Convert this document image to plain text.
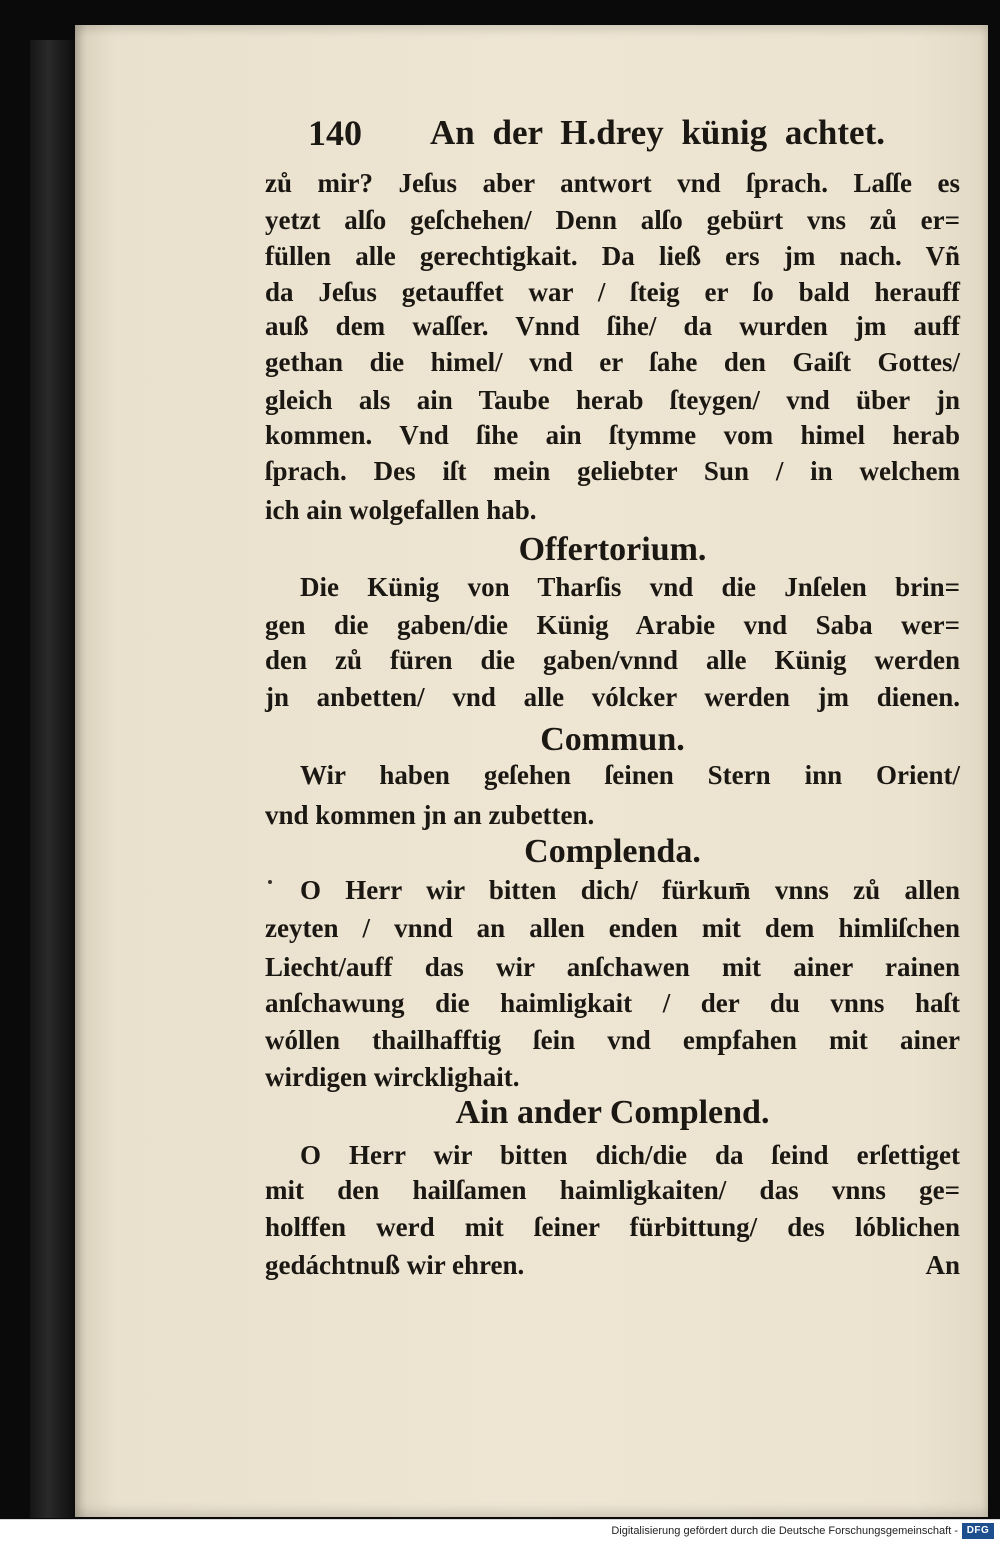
140 An der H.drey künig achtet.
zů mir? Jeſus aber antwort vnd ſprach. Laſſe es
yetzt alſo geſchehen/ Denn alſo gebürt vns zů er=
füllen alle gerechtigkait. Da ließ ers jm nach. Vñ
da Jeſus getauffet war / ſteig er ſo bald herauff
auß dem waſſer. Vnnd ſihe/ da wurden jm auff
gethan die himel/ vnd er ſahe den Gaiſt Gottes/
gleich als ain Taube herab ſteygen/ vnd über jn
kommen. Vnd ſihe ain ſtymme vom himel herab
ſprach. Des iſt mein geliebter Sun / in welchem
ich ain wolgefallen hab.
Offertorium.
Die Künig von Tharſis vnd die Jnſelen brin=
gen die gaben/die Künig Arabie vnd Saba wer=
den zů füren die gaben/vnnd alle Künig werden
jn anbetten/ vnd alle vólcker werden jm dienen.
Commun.
Wir haben geſehen ſeinen Stern inn Orient/
vnd kommen jn an zubetten.
Complenda.
O Herr wir bitten dich/ fürkum̄ vnns zů allen
zeyten / vnnd an allen enden mit dem himliſchen
Liecht/auff das wir anſchawen mit ainer rainen
anſchawung die haimligkait / der du vnns haſt
wóllen thailhafftig ſein vnd empfahen mit ainer
wirdigen wircklighait.
Ain ander Complend.
O Herr wir bitten dich/die da ſeind erſettiget
mit den hailſamen haimligkaiten/ das vnns ge=
holffen werd mit ſeiner fürbittung/ des lóblichen
gedáchtnuß wir ehren.	An
Digitalisierung gefördert durch die Deutsche Forschungsgemeinschaft - DFG
